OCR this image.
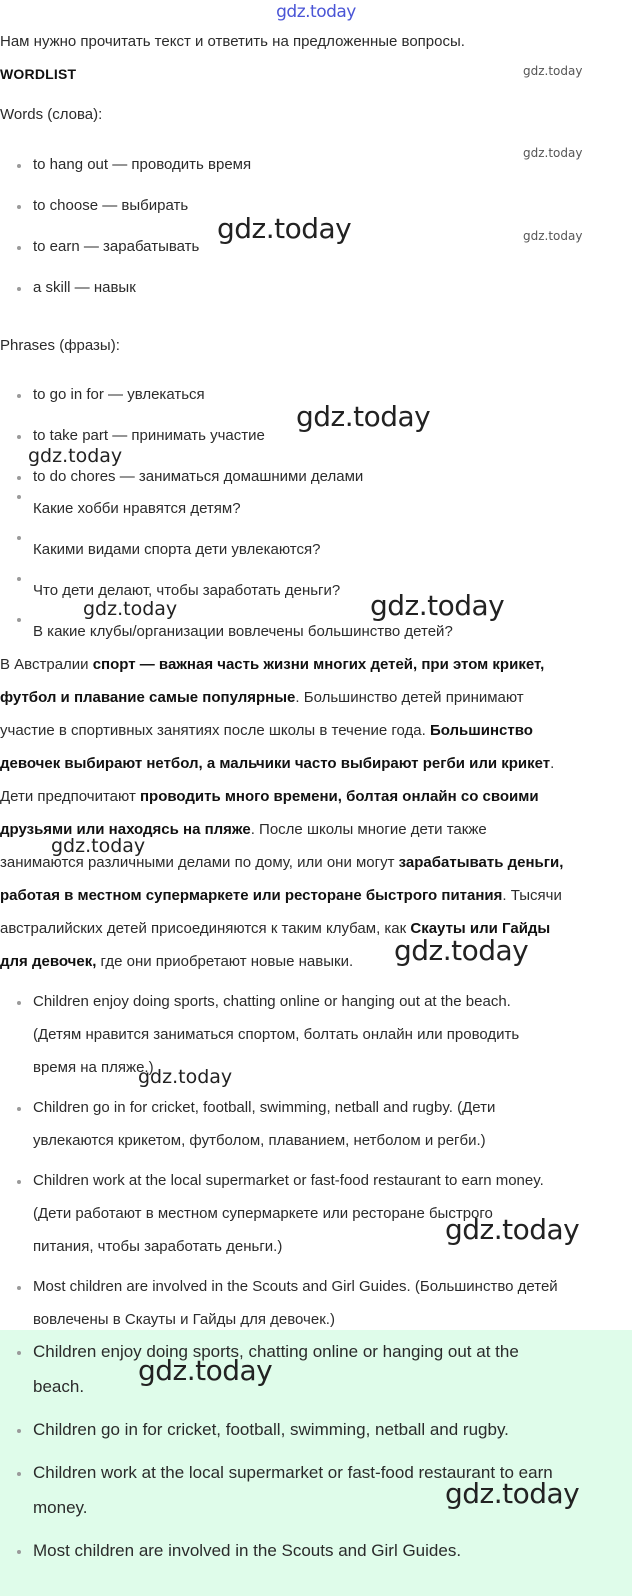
gdz.today
Нам нужно прочитать текст и ответить на предложенные вопросы.
WORDLIST
Words (слова):
to hang out — проводить время
to choose — выбирать
to earn — зарабатывать
a skill — навык
Phrases (фразы):
to go in for — увлекаться
to take part — принимать участие
to do chores — заниматься домашними делами
Какие хобби нравятся детям?
Какими видами спорта дети увлекаются?
Что дети делают, чтобы заработать деньги?
В какие клубы/организации вовлечены большинство детей?
В Австралии спорт — важная часть жизни многих детей, при этом крикет,
футбол и плавание самые популярные. Большинство детей принимают
участие в спортивных занятиях после школы в течение года. Большинство
девочек выбирают нетбол, а мальчики часто выбирают регби или крикет.
Дети предпочитают проводить много времени, болтая онлайн со своими
друзьями или находясь на пляже. После школы многие дети также
занимаются различными делами по дому, или они могут зарабатывать деньги,
работая в местном супермаркете или ресторане быстрого питания. Тысячи
австралийских детей присоединяются к таким клубам, как Скауты или Гайды
для девочек, где они приобретают новые навыки.
Children enjoy doing sports, chatting online or hanging out at the beach.
(Детям нравится заниматься спортом, болтать онлайн или проводить
время на пляже.)
Children go in for cricket, football, swimming, netball and rugby. (Дети
увлекаются крикетом, футболом, плаванием, нетболом и регби.)
Children work at the local supermarket or fast-food restaurant to earn money.
(Дети работают в местном супермаркете или ресторане быстрого
питания, чтобы заработать деньги.)
Most children are involved in the Scouts and Girl Guides. (Большинство детей
вовлечены в Скауты и Гайды для девочек.)
Children enjoy doing sports, chatting online or hanging out at the
beach.
Children go in for cricket, football, swimming, netball and rugby.
Children work at the local supermarket or fast-food restaurant to earn
money.
Most children are involved in the Scouts and Girl Guides.
gdz.today
gdz.today
gdz.today
gdz.today
gdz.today
gdz.today
gdz.today	gdz.today
gdz.today
gdz.today
gdz.today
gdz.today
gdz.today
gdz.today
